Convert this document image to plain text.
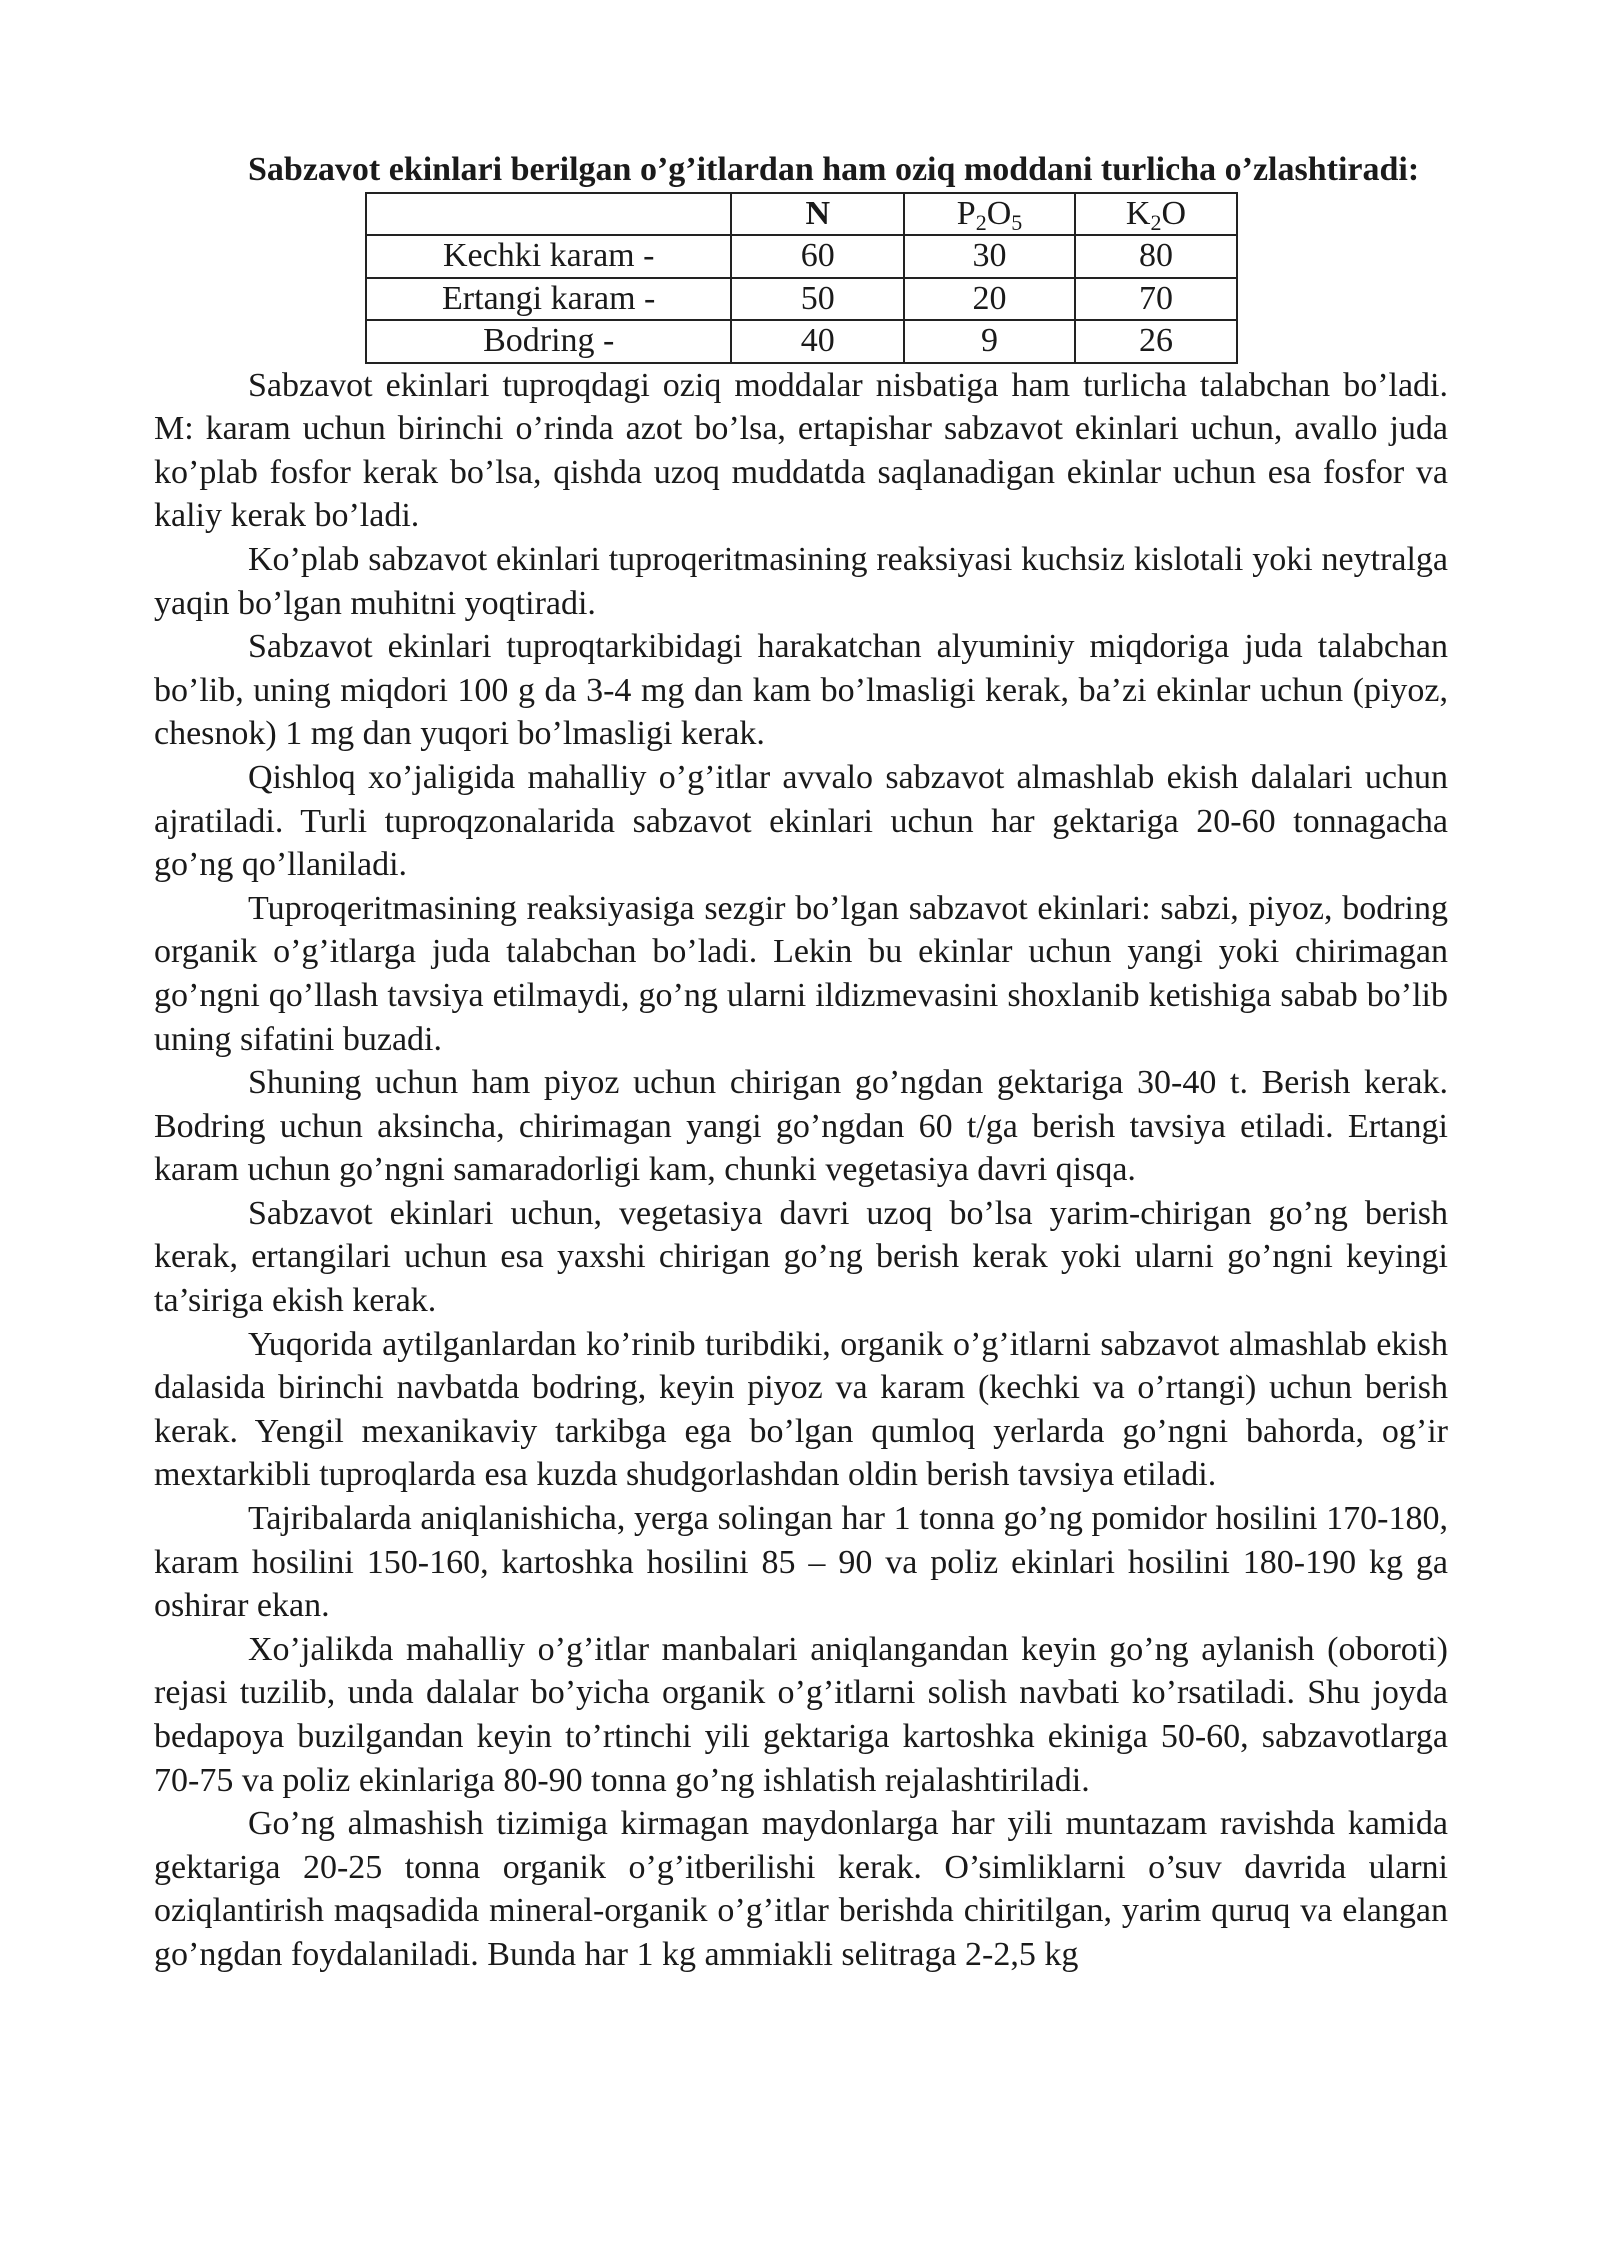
Sabzavot ekinlari berilgan o’g’itlardan ham oziq moddani turlicha o’zlashtiradi:

	N	$P_2O_5$	$K_2O$
Kechki karam -	60	30	80
Ertangi karam -	50	20	70
Bodring -	40	9	26

Sabzavot ekinlari tuproqdagi oziq moddalar nisbatiga ham turlicha talabchan bo’ladi. M: karam uchun birinchi o’rinda azot bo’lsa, ertapishar sabzavot ekinlari uchun, avallo juda ko’plab fosfor kerak bo’lsa, qishda uzoq muddatda saqlanadigan ekinlar uchun esa fosfor va kaliy kerak bo’ladi.

Ko’plab sabzavot ekinlari tuproqeritmasining reaksiyasi kuchsiz kislotali yoki neytralga yaqin bo’lgan muhitni yoqtiradi.

Sabzavot ekinlari tuproqtarkibidagi harakatchan alyuminiy miqdoriga juda talabchan bo’lib, uning miqdori 100 g da 3-4 mg dan kam bo’lmasligi kerak, ba’zi ekinlar uchun (piyoz, chesnok) 1 mg dan yuqori bo’lmasligi kerak.

Qishloq xo’jaligida mahalliy o’g’itlar avvalo sabzavot almashlab ekish dalalari uchun ajratiladi. Turli tuproqzonalarida sabzavot ekinlari uchun har gektariga 20-60 tonnagacha go’ng qo’llaniladi.

Tuproqeritmasining reaksiyasiga sezgir bo’lgan sabzavot ekinlari: sabzi, piyoz, bodring organik o’g’itlarga juda talabchan bo’ladi. Lekin bu ekinlar uchun yangi yoki chirimagan go’ngni qo’llash tavsiya etilmaydi, go’ng ularni ildizmevasini shoxlanib ketishiga sabab bo’lib uning sifatini buzadi.

Shuning uchun ham piyoz uchun chirigan go’ngdan gektariga 30-40 t. Berish kerak. Bodring uchun aksincha, chirimagan yangi go’ngdan 60 t/ga berish tavsiya etiladi. Ertangi karam uchun go’ngni samaradorligi kam, chunki vegetasiya davri qisqa.

Sabzavot ekinlari uchun, vegetasiya davri uzoq bo’lsa yarim-chirigan go’ng berish kerak, ertangilari uchun esa yaxshi chirigan go’ng berish kerak yoki ularni go’ngni keyingi ta’siriga ekish kerak.

Yuqorida aytilganlardan ko’rinib turibdiki, organik o’g’itlarni sabzavot almashlab ekish dalasida birinchi navbatda bodring, keyin piyoz va karam (kechki va o’rtangi) uchun berish kerak. Yengil mexanikaviy tarkibga ega bo’lgan qumloq yerlarda go’ngni bahorda, og’ir mextarkibli tuproqlarda esa kuzda shudgorlashdan oldin berish tavsiya etiladi.

Tajribalarda aniqlanishicha, yerga solingan har 1 tonna go’ng pomidor hosilini 170-180, karam hosilini 150-160, kartoshka hosilini 85 – 90 va poliz ekinlari hosilini 180-190 kg ga oshirar ekan.

Xo’jalikda mahalliy o’g’itlar manbalari aniqlangandan keyin go’ng aylanish (oboroti) rejasi tuzilib, unda dalalar bo’yicha organik o’g’itlarni solish navbati ko’rsatiladi. Shu joyda bedapoya buzilgandan keyin to’rtinchi yili gektariga kartoshka ekiniga 50-60, sabzavotlarga 70-75 va poliz ekinlariga 80-90 tonna go’ng ishlatish rejalashtiriladi.

Go’ng almashish tizimiga kirmagan maydonlarga har yili muntazam ravishda kamida gektariga 20-25 tonna organik o’g’itberilishi kerak. O’simliklarni o’suv davrida ularni oziqlantirish maqsadida mineral-organik o’g’itlar berishda chiritilgan, yarim quruq va elangan go’ngdan foydalaniladi. Bunda har 1 kg ammiakli selitraga 2-2,5 kg
